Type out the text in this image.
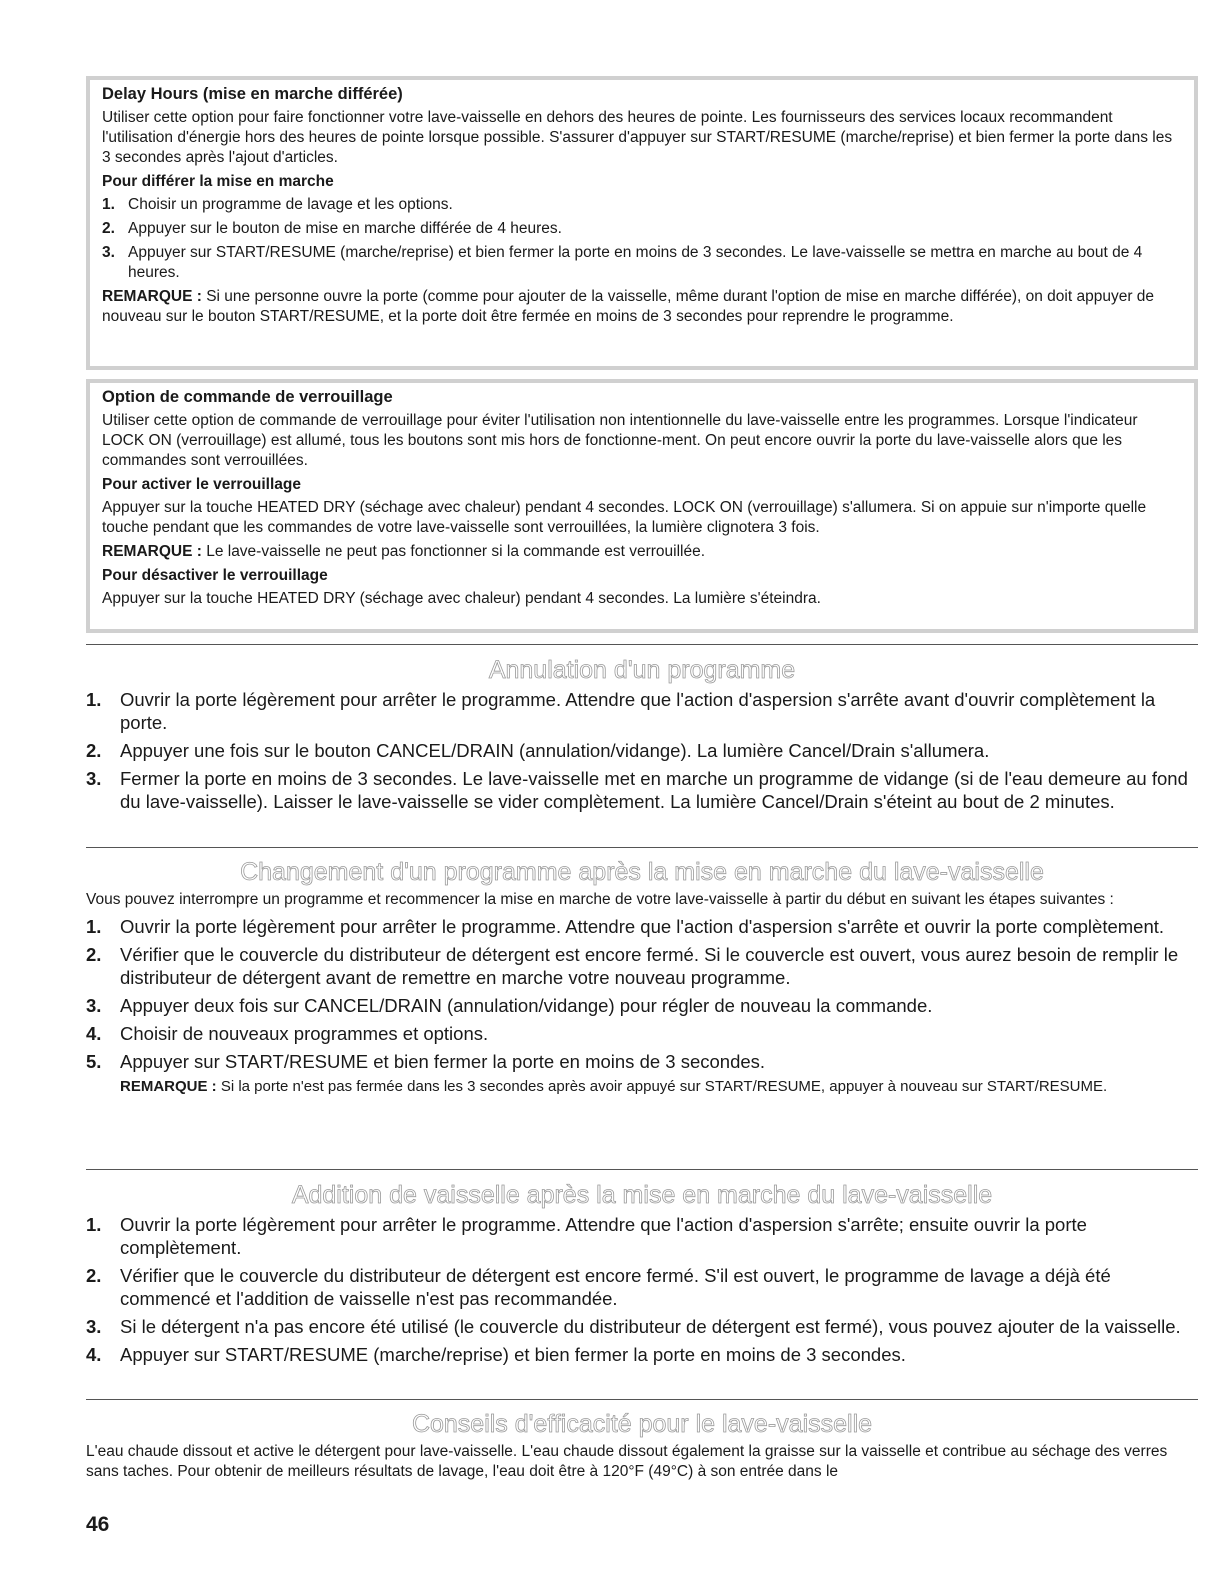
Delay Hours (mise en marche différée)

Utiliser cette option pour faire fonctionner votre lave-vaisselle en dehors des heures de pointe. Les fournisseurs des services locaux recommandent l'utilisation d'énergie hors des heures de pointe lorsque possible. S'assurer d'appuyer sur START/RESUME (marche/reprise) et bien fermer la porte dans les 3 secondes après l'ajout d'articles.

Pour différer la mise en marche
1. Choisir un programme de lavage et les options.
2. Appuyer sur le bouton de mise en marche différée de 4 heures.
3. Appuyer sur START/RESUME (marche/reprise) et bien fermer la porte en moins de 3 secondes. Le lave-vaisselle se mettra en marche au bout de 4 heures.

REMARQUE : Si une personne ouvre la porte (comme pour ajouter de la vaisselle, même durant l'option de mise en marche différée), on doit appuyer de nouveau sur le bouton START/RESUME, et la porte doit être fermée en moins de 3 secondes pour reprendre le programme.

Option de commande de verrouillage

Utiliser cette option de commande de verrouillage pour éviter l'utilisation non intentionnelle du lave-vaisselle entre les programmes. Lorsque l'indicateur LOCK ON (verrouillage) est allumé, tous les boutons sont mis hors de fonctionne-ment. On peut encore ouvrir la porte du lave-vaisselle alors que les commandes sont verrouillées.

Pour activer le verrouillage

Appuyer sur la touche HEATED DRY (séchage avec chaleur) pendant 4 secondes. LOCK ON (verrouillage) s'allumera. Si on appuie sur n'importe quelle touche pendant que les commandes de votre lave-vaisselle sont verrouillées, la lumière clignotera 3 fois.

REMARQUE : Le lave-vaisselle ne peut pas fonctionner si la commande est verrouillée.

Pour désactiver le verrouillage

Appuyer sur la touche HEATED DRY (séchage avec chaleur) pendant 4 secondes. La lumière s'éteindra.

Annulation d'un programme
1. Ouvrir la porte légèrement pour arrêter le programme. Attendre que l'action d'aspersion s'arrête avant d'ouvrir complètement la porte.
2. Appuyer une fois sur le bouton CANCEL/DRAIN (annulation/vidange). La lumière Cancel/Drain s'allumera.
3. Fermer la porte en moins de 3 secondes. Le lave-vaisselle met en marche un programme de vidange (si de l'eau demeure au fond du lave-vaisselle). Laisser le lave-vaisselle se vider complètement. La lumière Cancel/Drain s'éteint au bout de 2 minutes.
Changement d'un programme après la mise en marche du lave-vaisselle

Vous pouvez interrompre un programme et recommencer la mise en marche de votre lave-vaisselle à partir du début en suivant les étapes suivantes :

1. Ouvrir la porte légèrement pour arrêter le programme. Attendre que l'action d'aspersion s'arrête et ouvrir la porte complètement.
2. Vérifier que le couvercle du distributeur de détergent est encore fermé. Si le couvercle est ouvert, vous aurez besoin de remplir le distributeur de détergent avant de remettre en marche votre nouveau programme.
3. Appuyer deux fois sur CANCEL/DRAIN (annulation/vidange) pour régler de nouveau la commande.
4. Choisir de nouveaux programmes et options.
5. Appuyer sur START/RESUME et bien fermer la porte en moins de 3 secondes.

REMARQUE : Si la porte n'est pas fermée dans les 3 secondes après avoir appuyé sur START/RESUME, appuyer à nouveau sur START/RESUME.

Addition de vaisselle après la mise en marche du lave-vaisselle
1. Ouvrir la porte légèrement pour arrêter le programme. Attendre que l'action d'aspersion s'arrête; ensuite ouvrir la porte complètement.
2. Vérifier que le couvercle du distributeur de détergent est encore fermé. S'il est ouvert, le programme de lavage a déjà été commencé et l'addition de vaisselle n'est pas recommandée.
3. Si le détergent n'a pas encore été utilisé (le couvercle du distributeur de détergent est fermé), vous pouvez ajouter de la vaisselle.
4. Appuyer sur START/RESUME (marche/reprise) et bien fermer la porte en moins de 3 secondes.
Conseils d'efficacité pour le lave-vaisselle

L'eau chaude dissout et active le détergent pour lave-vaisselle. L'eau chaude dissout également la graisse sur la vaisselle et contribue au séchage des verres sans taches. Pour obtenir de meilleurs résultats de lavage, l'eau doit être à 120°F (49°C) à son entrée dans le

46
